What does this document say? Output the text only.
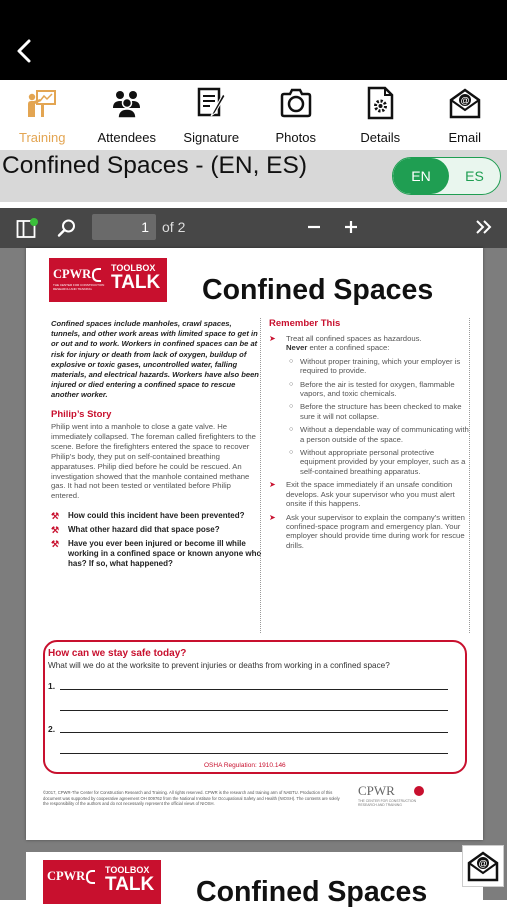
Training Attendees Signature	Photos	Details
@
Email
Confined Spaces - (EN, ES)	EN	ES
1 of 2
CPWR TOOLBOX
TALK
THE CENTER FOR CONSTRUCTION RESEARCH AND TRAINING	Confined Spaces
Confined spaces include manholes, crawl spaces, tunnels, and other work areas with limited space to get in or out and to work. Workers in confined spaces can be at risk for injury or death from lack of oxygen, buildup of explosive or toxic gases, uncontrolled water, falling materials, and electrical hazards. Workers have also been injured or died entering a confined space to rescue another worker.
Philip’s Story
Philip went into a manhole to close a gate valve. He immediately collapsed. The foreman called firefighters to the scene. Before the firefighters entered the space to recover Philip’s body, they put on self-contained breathing apparatuses. Philip died before he could be rescued. An investigation showed that the manhole contained methane gas. It had not been tested or ventilated before Philip entered.
⚒ How could this incident have been prevented?
⚒ What other hazard did that space pose?
⚒ Have you ever been injured or become ill while working in a confined space or known anyone who has? If so, what happened?
Remember This
➤ Treat all confined spaces as hazardous.
Never enter a confined space:
○ Without proper training, which your employer is required to provide.
○ Before the air is tested for oxygen, flammable vapors, and toxic chemicals.
○ Before the structure has been checked to make sure it will not collapse.
○ Without a dependable way of communicating with a person outside of the space.
○ Without appropriate personal protective equipment provided by your employer, such as a self-contained breathing apparatus.
➤ Exit the space immediately if an unsafe condition develops. Ask your supervisor who you must alert onsite if this happens.
➤ Ask your supervisor to explain the company’s written confined-space program and emergency plan. Your employer should provide time during work for rescue drills.
How can we stay safe today?
What will we do at the worksite to prevent injuries or deaths from working in a confined space?
1.
2.
OSHA Regulation: 1910.146
©2017, CPWR-The Center for Construction Research and Training. All rights reserved. CPWR is the research and training arm of NABTU. Production of this document was supported by cooperative agreement OH 009762 from the National Institute for Occupational Safety and Health (NIOSH). The contents are solely the responsibility of the authors and do not necessarily represent the official views of NIOSH.
CPWR
THE CENTER FOR CONSTRUCTION RESEARCH AND TRAINING
CPWR TOOLBOX
TALK Confined Spaces
@
